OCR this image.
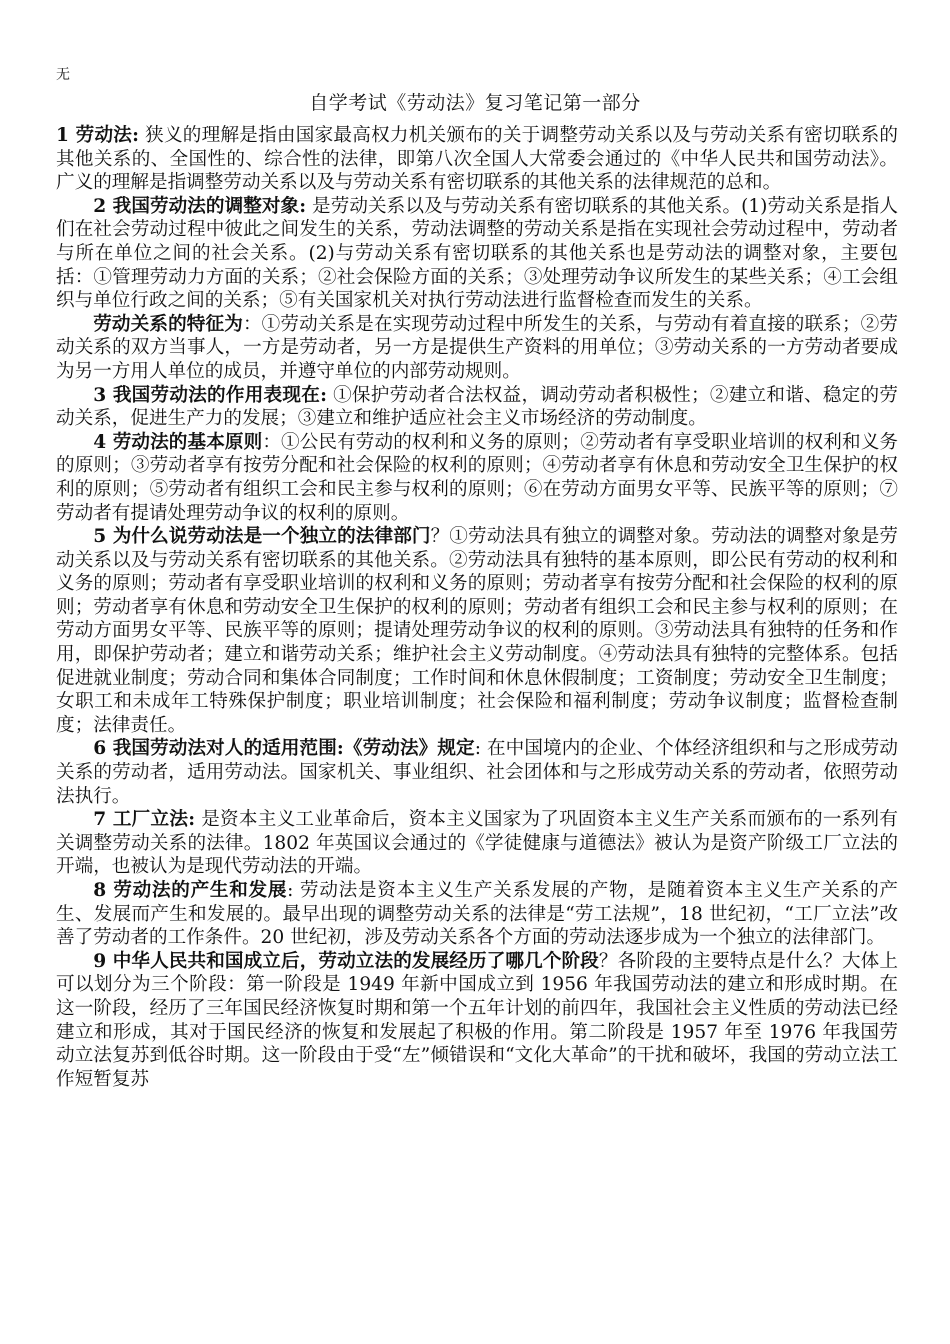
无
自学考试《劳动法》复习笔记第一部分

1 劳动法: 狭义的理解是指由国家最高权力机关颁布的关于调整劳动关系以及与劳动关系有密切联系的其他关系的、全国性的、综合性的法律，即第八次全国人大常委会通过的《中华人民共和国劳动法》。广义的理解是指调整劳动关系以及与劳动关系有密切联系的其他关系的法律规范的总和。

2 我国劳动法的调整对象: 是劳动关系以及与劳动关系有密切联系的其他关系。(1)劳动关系是指人们在社会劳动过程中彼此之间发生的关系，劳动法调整的劳动关系是指在实现社会劳动过程中，劳动者与所在单位之间的社会关系。(2)与劳动关系有密切联系的其他关系也是劳动法的调整对象，主要包括：①管理劳动力方面的关系；②社会保险方面的关系；③处理劳动争议所发生的某些关系；④工会组织与单位行政之间的关系；⑤有关国家机关对执行劳动法进行监督检查而发生的关系。

劳动关系的特征为：①劳动关系是在实现劳动过程中所发生的关系，与劳动有着直接的联系；②劳动关系的双方当事人，一方是劳动者，另一方是提供生产资料的用单位；③劳动关系的一方劳动者要成为另一方用人单位的成员，并遵守单位的内部劳动规则。

3 我国劳动法的作用表现在: ①保护劳动者合法权益，调动劳动者积极性；②建立和谐、稳定的劳动关系，促进生产力的发展；③建立和维护适应社会主义市场经济的劳动制度。

4 劳动法的基本原则：①公民有劳动的权利和义务的原则；②劳动者有享受职业培训的权利和义务的原则；③劳动者享有按劳分配和社会保险的权利的原则；④劳动者享有休息和劳动安全卫生保护的权利的原则；⑤劳动者有组织工会和民主参与权利的原则；⑥在劳动方面男女平等、民族平等的原则；⑦劳动者有提请处理劳动争议的权利的原则。

5 为什么说劳动法是一个独立的法律部门？①劳动法具有独立的调整对象。劳动法的调整对象是劳动关系以及与劳动关系有密切联系的其他关系。②劳动法具有独特的基本原则，即公民有劳动的权利和义务的原则；劳动者有享受职业培训的权利和义务的原则；劳动者享有按劳分配和社会保险的权利的原则；劳动者享有休息和劳动安全卫生保护的权利的原则；劳动者有组织工会和民主参与权利的原则；在劳动方面男女平等、民族平等的原则；提请处理劳动争议的权利的原则。③劳动法具有独特的任务和作用，即保护劳动者；建立和谐劳动关系；维护社会主义劳动制度。④劳动法具有独特的完整体系。包括促进就业制度；劳动合同和集体合同制度；工作时间和休息休假制度；工资制度；劳动安全卫生制度；女职工和未成年工特殊保护制度；职业培训制度；社会保险和福利制度；劳动争议制度；监督检查制度；法律责任。

6 我国劳动法对人的适用范围:《劳动法》规定: 在中国境内的企业、个体经济组织和与之形成劳动关系的劳动者，适用劳动法。国家机关、事业组织、社会团体和与之形成劳动关系的劳动者，依照劳动法执行。

7 工厂立法: 是资本主义工业革命后，资本主义国家为了巩固资本主义生产关系而颁布的一系列有关调整劳动关系的法律。1802 年英国议会通过的《学徒健康与道德法》被认为是资产阶级工厂立法的开端，也被认为是现代劳动法的开端。

8 劳动法的产生和发展: 劳动法是资本主义生产关系发展的产物，是随着资本主义生产关系的产生、发展而产生和发展的。最早出现的调整劳动关系的法律是“劳工法规”，18 世纪初，“工厂立法”改善了劳动者的工作条件。20 世纪初，涉及劳动关系各个方面的劳动法逐步成为一个独立的法律部门。

9 中华人民共和国成立后，劳动立法的发展经历了哪几个阶段？各阶段的主要特点是什么？大体上可以划分为三个阶段：第一阶段是 1949 年新中国成立到 1956 年我国劳动法的建立和形成时期。在这一阶段，经历了三年国民经济恢复时期和第一个五年计划的前四年，我国社会主义性质的劳动法已经建立和形成，其对于国民经济的恢复和发展起了积极的作用。第二阶段是 1957 年至 1976 年我国劳动立法复苏到低谷时期。这一阶段由于受“左”倾错误和“文化大革命”的干扰和破坏，我国的劳动立法工作短暂复苏
